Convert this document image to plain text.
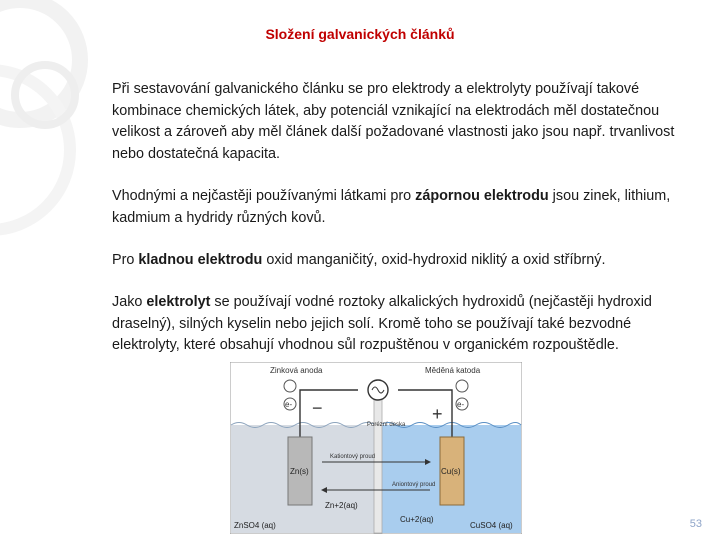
Složení galvanických článků

Při sestavování galvanického článku se pro elektrody a elektrolyty používají takové kombinace chemických látek, aby potenciál vznikající na elektrodách měl dostatečnou velikost a zároveň aby měl článek další požadované vlastnosti jako jsou např. trvanlivost nebo dostatečná kapacita.

Vhodnými a nejčastěji používanými látkami pro zápornou elektrodu jsou zinek, lithium, kadmium a hydridy různých kovů.

Pro kladnou elektrodu oxid manganičitý, oxid-hydroxid niklitý a oxid stříbrný.

Jako elektrolyt se používají vodné roztoky alkalických hydroxidů (nejčastěji hydroxid draselný), silných kyselin nebo jejich solí. Kromě toho se používají také bezvodné elektrolyty, které obsahují vhodnou sůl rozpuštěnou v organickém rozpouštědle.

e-	e-
Zinková anoda	Měděná katoda
−	+
Porézní deska
Zn(s)	Cu(s)
Kationtový proud
Aniontový proud
Zn+2(aq)
Cu+2(aq)
ZnSO4 (aq)	CuSO4 (aq)	53
